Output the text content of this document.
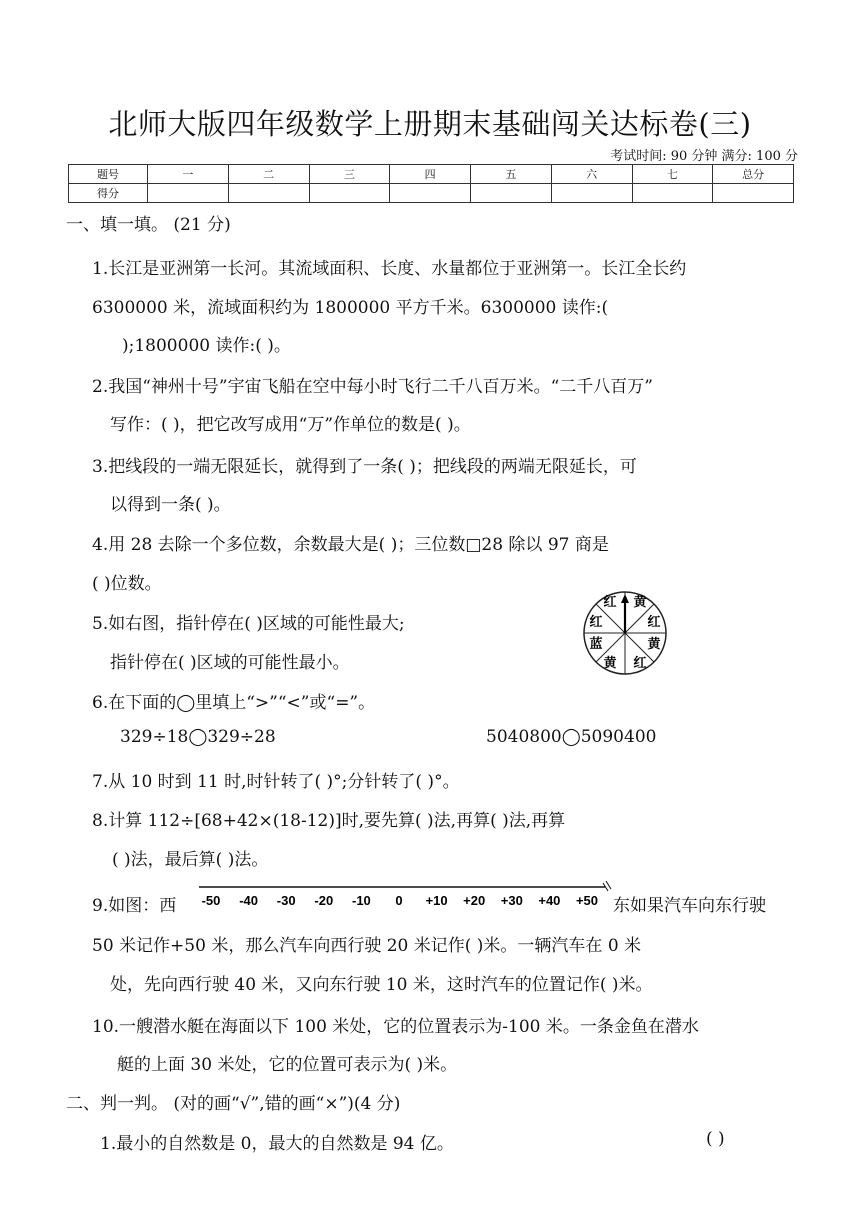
北师大版四年级数学上册期末基础闯关达标卷(三)
考试时间: 90 分钟 满分: 100 分
题号	一	二	三	四	五	六	七	总分
得分								
一、填一填。 (21 分)
1.长江是亚洲第一长河。其流域面积、长度、水量都位于亚洲第一。长江全长约
6300000 米，流域面积约为 1800000 平方千米。6300000 读作:(
);1800000 读作:( )。
2.我国“神州十号”宇宙飞船在空中每小时飞行二千八百万米。“二千八百万”
写作：( )，把它改写成用“万”作单位的数是( )。
3.把线段的一端无限延长，就得到了一条( )；把线段的两端无限延长，可
以得到一条( )。
4.用 28 去除一个多位数，余数最大是( )；三位数□28 除以 97 商是
( )位数。
5.如右图，指针停在( )区域的可能性最大;
指针停在( )区域的可能性最小。
红 黄
红
黄
红
黄
蓝
红
6.在下面的◯里填上“>”“<”或“=”。
329÷18◯329÷28	5040800◯5090400
7.从 10 时到 11 时,时针转了( )°;分针转了( )°。
8.计算 112÷[68+42×(18-12)]时,要先算( )法,再算( )法,再算
( )法，最后算( )法。
9.如图：西 -50 -40 -30 -20 -10 0 +10 +20 +30 +40 +50 东如果汽车向东行驶
50 米记作+50 米，那么汽车向西行驶 20 米记作( )米。一辆汽车在 0 米
处，先向西行驶 40 米，又向东行驶 10 米，这时汽车的位置记作( )米。
10.一艘潜水艇在海面以下 100 米处，它的位置表示为-100 米。一条金鱼在潜水
艇的上面 30 米处，它的位置可表示为( )米。
二、判一判。 (对的画“√”,错的画“×”)(4 分)
1.最小的自然数是 0，最大的自然数是 94 亿。	( )
